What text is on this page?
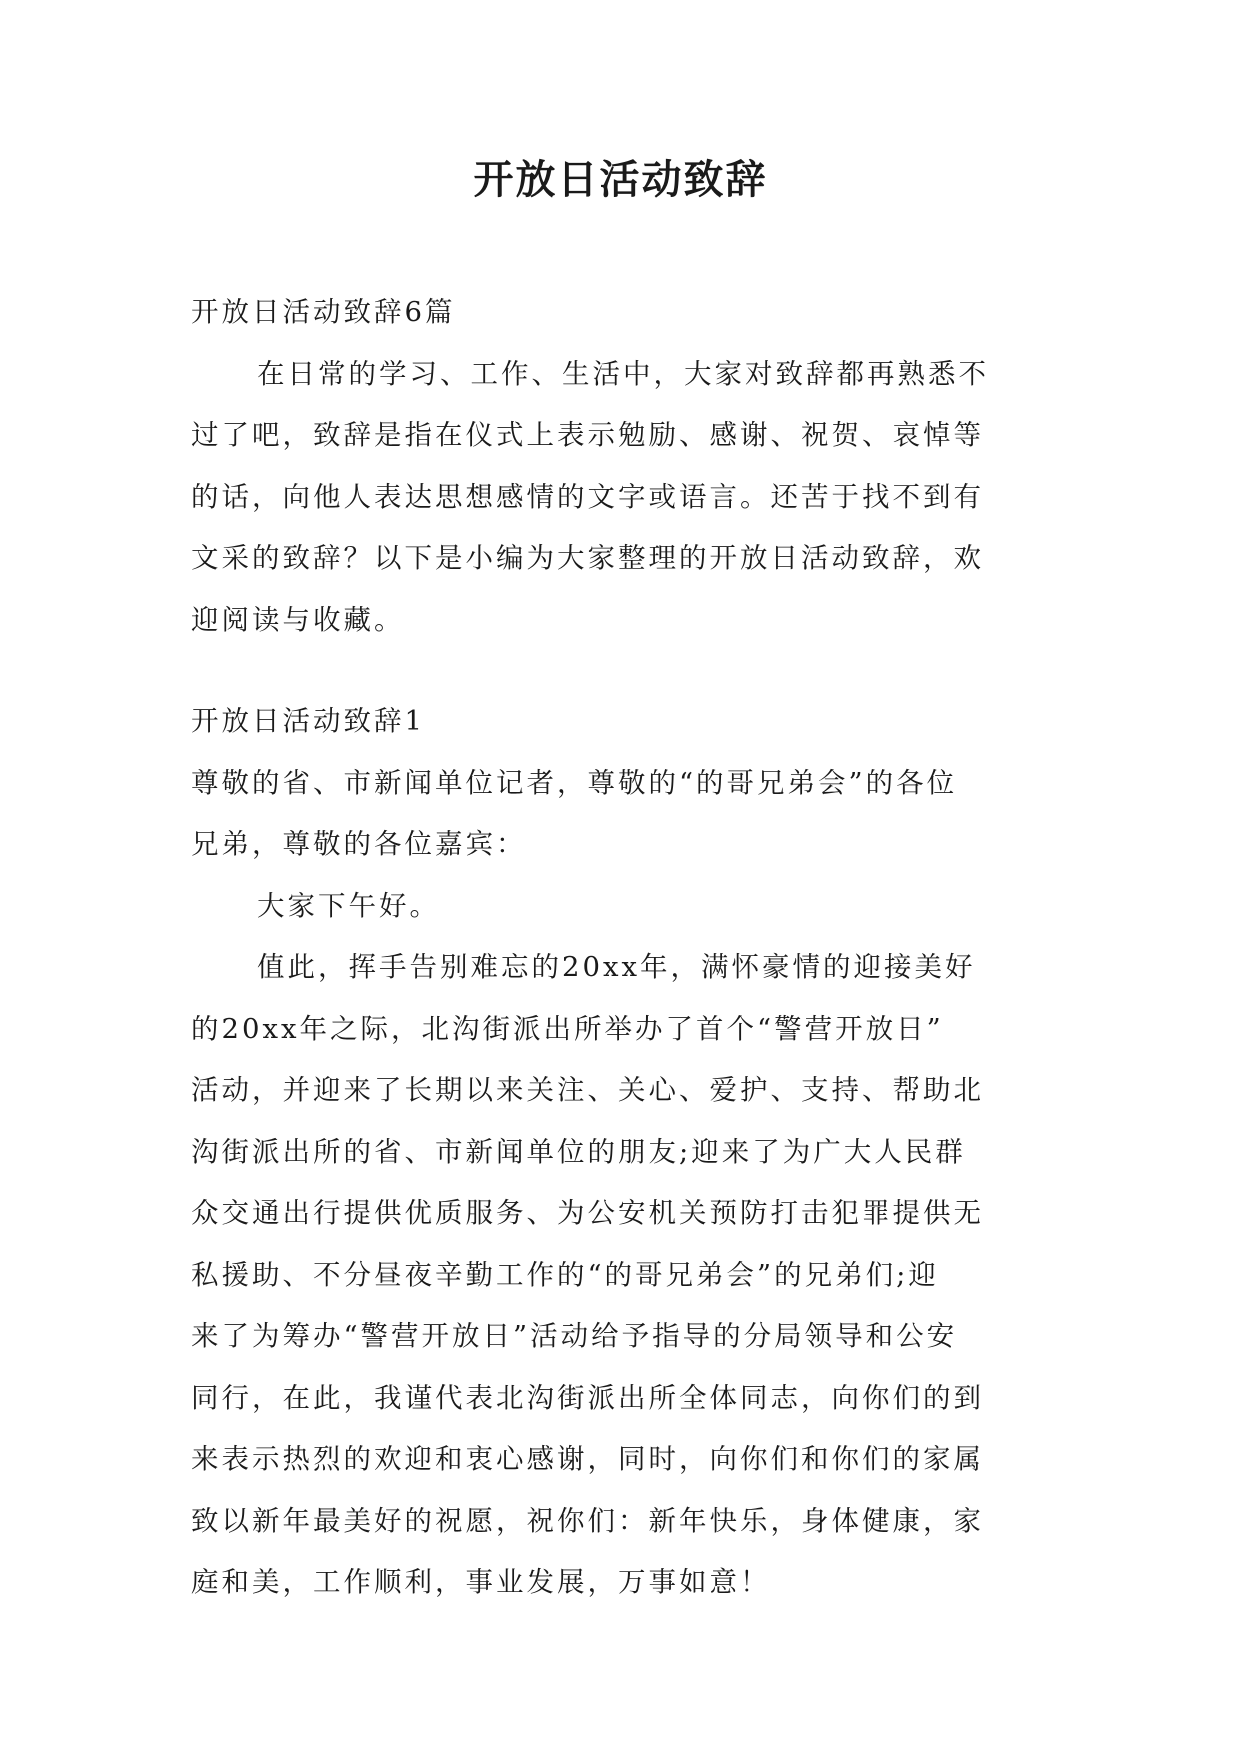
开放日活动致辞
开放日活动致辞6篇
在日常的学习、工作、生活中，大家对致辞都再熟悉不
过了吧，致辞是指在仪式上表示勉励、感谢、祝贺、哀悼等
的话，向他人表达思想感情的文字或语言。还苦于找不到有
文采的致辞？以下是小编为大家整理的开放日活动致辞，欢
迎阅读与收藏。
开放日活动致辞1
尊敬的省、市新闻单位记者，尊敬的“的哥兄弟会”的各位
兄弟，尊敬的各位嘉宾：
大家下午好。
值此，挥手告别难忘的20xx年，满怀豪情的迎接美好
的20xx年之际，北沟街派出所举办了首个“警营开放日”
活动，并迎来了长期以来关注、关心、爱护、支持、帮助北
沟街派出所的省、市新闻单位的朋友;迎来了为广大人民群
众交通出行提供优质服务、为公安机关预防打击犯罪提供无
私援助、不分昼夜辛勤工作的“的哥兄弟会”的兄弟们;迎
来了为筹办“警营开放日”活动给予指导的分局领导和公安
同行，在此，我谨代表北沟街派出所全体同志，向你们的到
来表示热烈的欢迎和衷心感谢，同时，向你们和你们的家属
致以新年最美好的祝愿，祝你们：新年快乐，身体健康，家
庭和美，工作顺利，事业发展，万事如意！
